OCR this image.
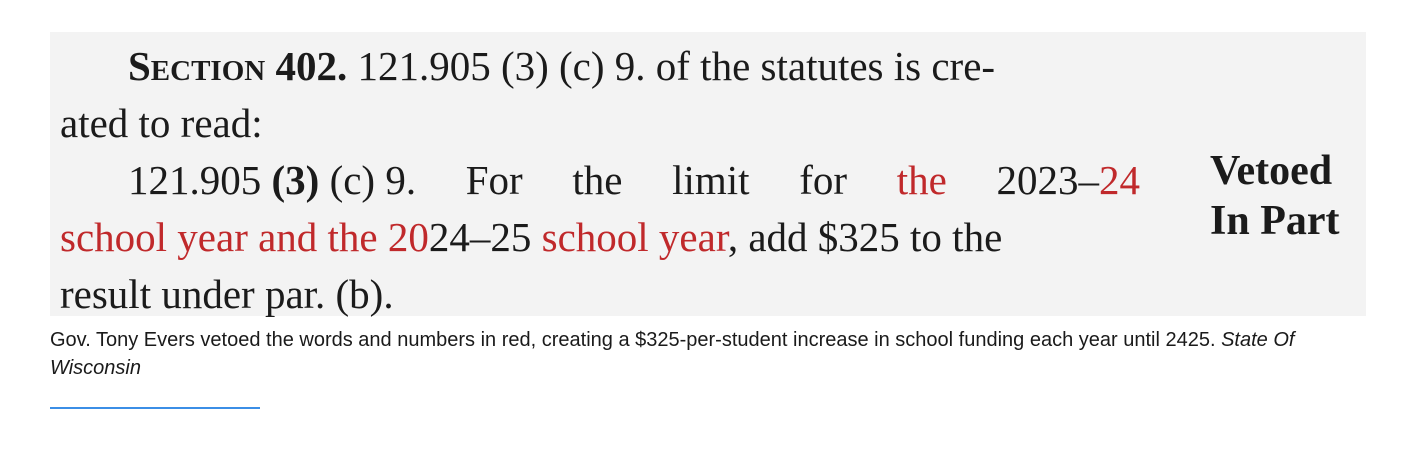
Section 402. 121.905 (3) (c) 9. of the statutes is cre-
ated to read:
121.905 (3) (c) 9. For the limit for the 2023–24
school year and the 2024–25 school year, add $325 to the
result under par. (b).
Vetoed
In Part
Gov. Tony Evers vetoed the words and numbers in red, creating a $325-per-student increase in school funding each year until 2425. State Of Wisconsin
